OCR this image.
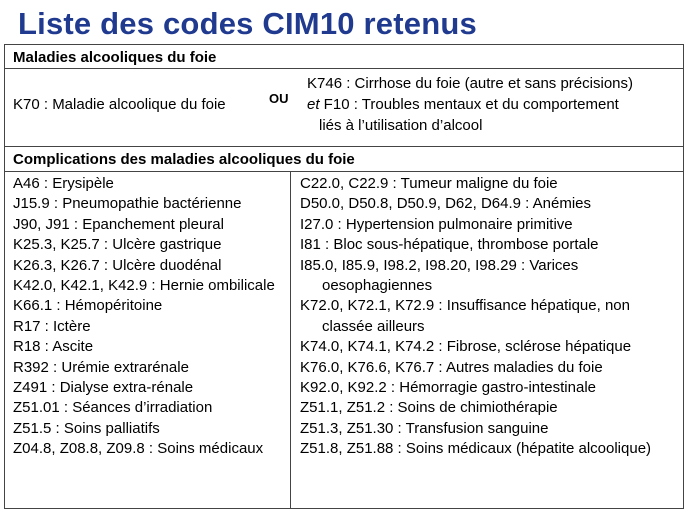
Liste des codes CIM10 retenus
Maladies alcooliques du foie
K70 : Maladie alcoolique du foie	OU
K746 : Cirrhose du foie (autre et sans précisions)
et F10 : Troubles mentaux et du comportement
liés à l’utilisation d’alcool
Complications des maladies alcooliques du foie
A46 : Erysipèle
J15.9 : Pneumopathie bactérienne
J90, J91 : Epanchement pleural
K25.3, K25.7 : Ulcère gastrique
K26.3, K26.7 : Ulcère duodénal
K42.0, K42.1, K42.9 : Hernie ombilicale
K66.1 : Hémopéritoine
R17 : Ictère
R18 : Ascite
R392 : Urémie extrarénale
Z491 : Dialyse extra-rénale
Z51.01 : Séances d’irradiation
Z51.5 : Soins palliatifs
Z04.8, Z08.8, Z09.8 : Soins médicaux
C22.0, C22.9 : Tumeur maligne du foie
D50.0, D50.8, D50.9, D62, D64.9 : Anémies
I27.0 : Hypertension pulmonaire primitive
I81 : Bloc sous-hépatique, thrombose portale
I85.0, I85.9, I98.2, I98.20, I98.29 : Varices oesophagiennes
K72.0, K72.1, K72.9 : Insuffisance hépatique, non classée ailleurs
K74.0, K74.1, K74.2 : Fibrose, sclérose hépatique
K76.0, K76.6, K76.7 : Autres maladies du foie
K92.0, K92.2 : Hémorragie gastro-intestinale
Z51.1, Z51.2 : Soins de chimiothérapie
Z51.3, Z51.30 : Transfusion sanguine
Z51.8, Z51.88 : Soins médicaux (hépatite alcoolique)
